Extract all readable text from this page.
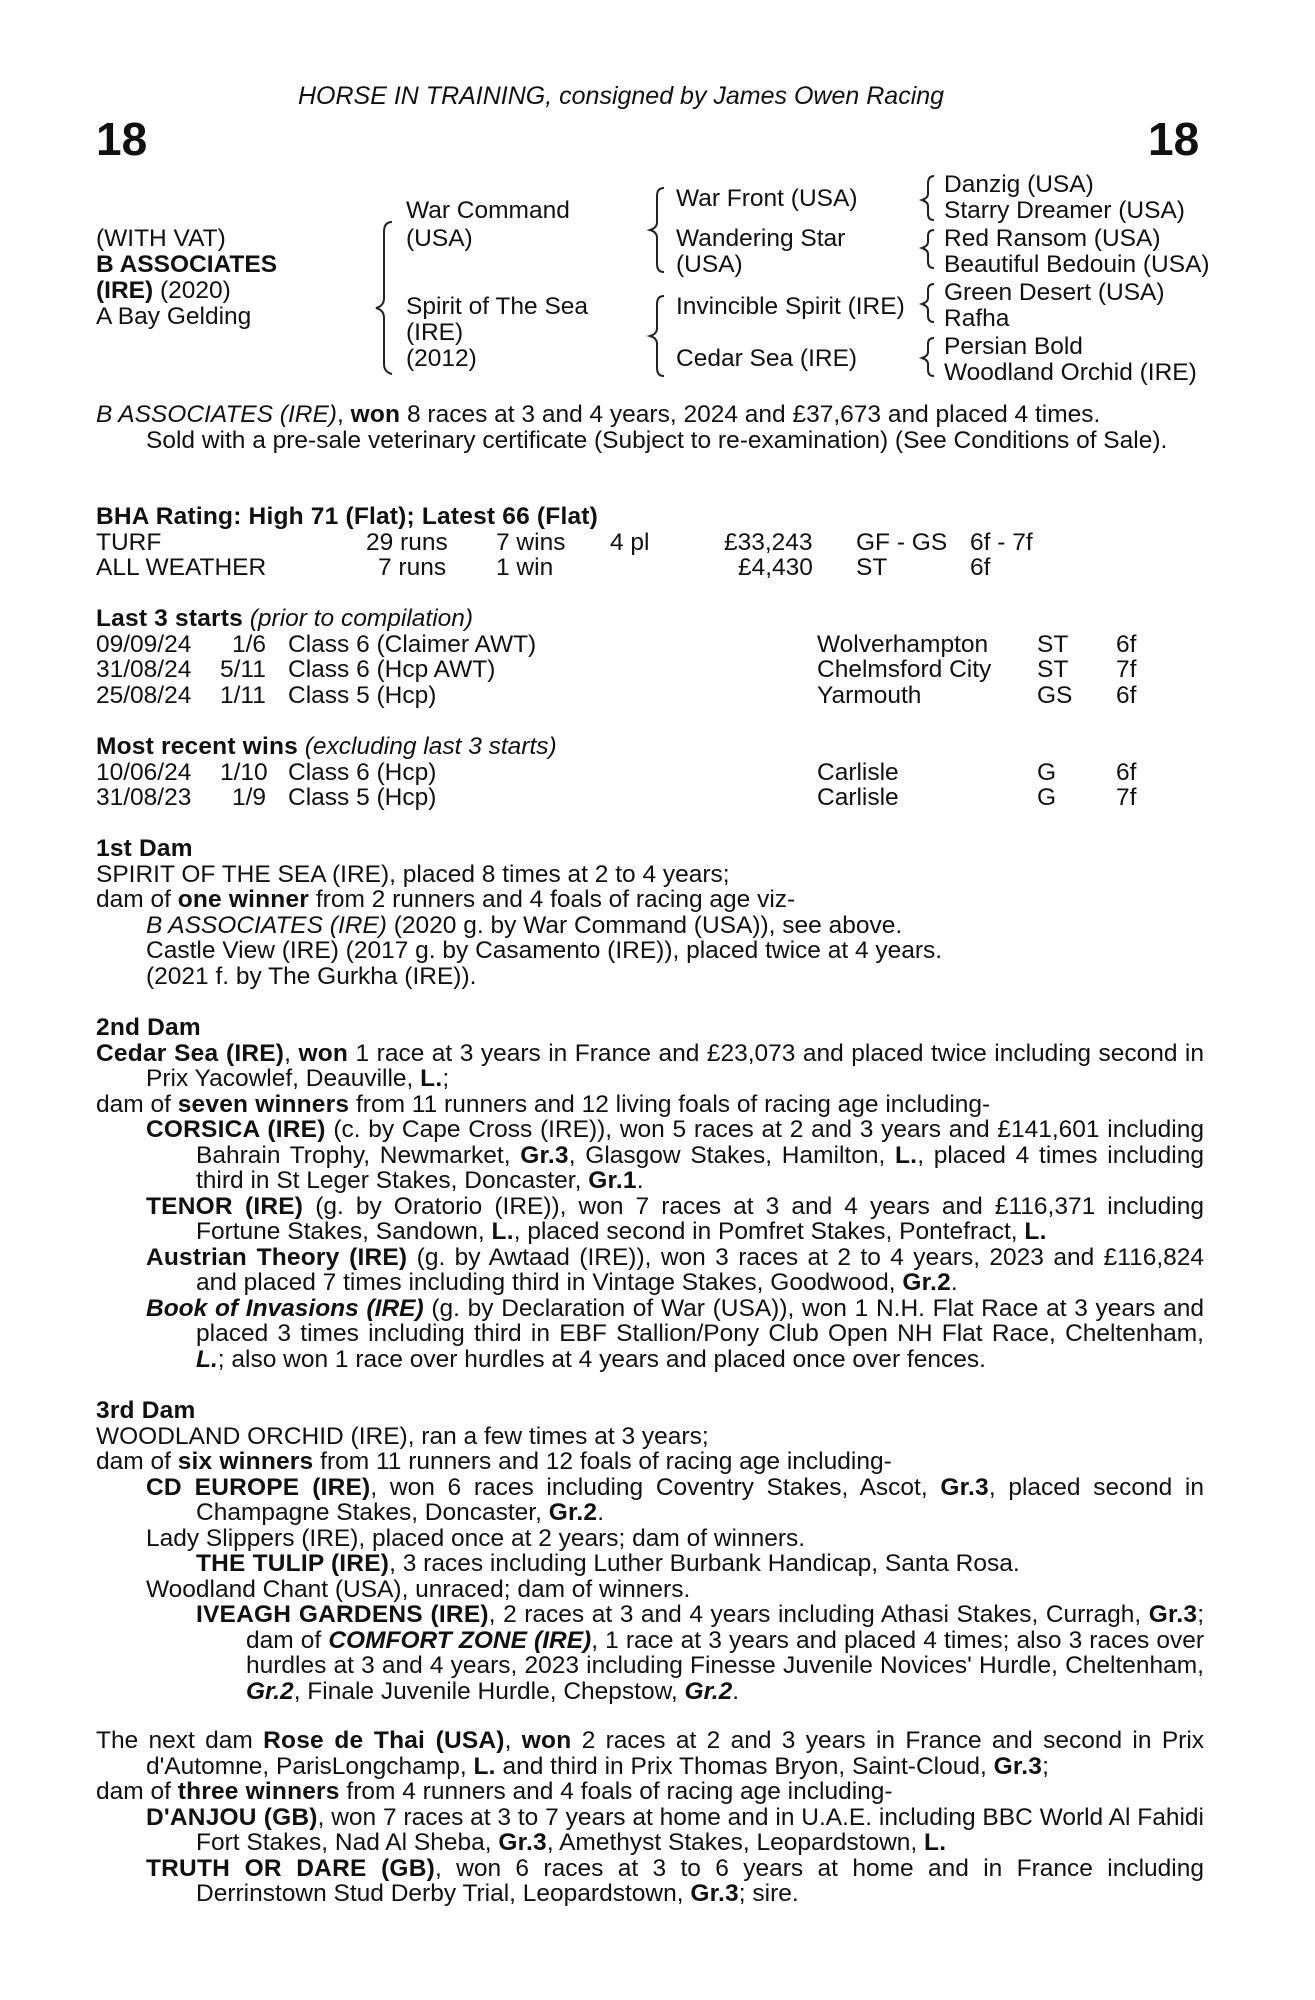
HORSE IN TRAINING, consigned by James Owen Racing
18	18
(WITH VAT)
B ASSOCIATES
(IRE) (2020)
A Bay Gelding
War Command
(USA)
Spirit of The Sea
(IRE)
(2012)
War Front (USA)
Wandering Star
(USA)
Invincible Spirit (IRE)
Cedar Sea (IRE)
Danzig (USA)
Starry Dreamer (USA)
Red Ransom (USA)
Beautiful Bedouin (USA)
Green Desert (USA)
Rafha
Persian Bold
Woodland Orchid (IRE)

B ASSOCIATES (IRE), won 8 races at 3 and 4 years, 2024 and £37,673 and placed 4 times.

Sold with a pre-sale veterinary certificate (Subject to re-examination) (See Conditions of Sale).

BHA Rating: High 71 (Flat); Latest 66 (Flat)
TURF	29 runs 7 wins 4 pl	£33,243 GF - GS 6f - 7f
ALL WEATHER	7 runs 1 win	£4,430 ST	6f
Last 3 starts (prior to compilation)
09/09/24 1/6 Class 6 (Claimer AWT)	Wolverhampton ST 6f
31/08/24 5/11 Class 6 (Hcp AWT)	Chelmsford City ST 7f
25/08/24 1/11 Class 5 (Hcp)	Yarmouth	GS 6f
Most recent wins (excluding last 3 starts)
10/06/24 1/10 Class 6 (Hcp)	Carlisle	G 6f
31/08/23 1/9 Class 5 (Hcp)	Carlisle	G 7f
1st Dam

SPIRIT OF THE SEA (IRE), placed 8 times at 2 to 4 years;

dam of one winner from 2 runners and 4 foals of racing age viz-

B ASSOCIATES (IRE) (2020 g. by War Command (USA)), see above.

Castle View (IRE) (2017 g. by Casamento (IRE)), placed twice at 4 years.

(2021 f. by The Gurkha (IRE)).

2nd Dam

Cedar Sea (IRE), won 1 race at 3 years in France and £23,073 and placed twice including second in Prix Yacowlef, Deauville, L.;

dam of seven winners from 11 runners and 12 living foals of racing age including-

CORSICA (IRE) (c. by Cape Cross (IRE)), won 5 races at 2 and 3 years and £141,601 including Bahrain Trophy, Newmarket, Gr.3, Glasgow Stakes, Hamilton, L., placed 4 times including third in St Leger Stakes, Doncaster, Gr.1.

TENOR (IRE) (g. by Oratorio (IRE)), won 7 races at 3 and 4 years and £116,371 including Fortune Stakes, Sandown, L., placed second in Pomfret Stakes, Pontefract, L.

Austrian Theory (IRE) (g. by Awtaad (IRE)), won 3 races at 2 to 4 years, 2023 and £116,824 and placed 7 times including third in Vintage Stakes, Goodwood, Gr.2.

Book of Invasions (IRE) (g. by Declaration of War (USA)), won 1 N.H. Flat Race at 3 years and placed 3 times including third in EBF Stallion/Pony Club Open NH Flat Race, Cheltenham, L.; also won 1 race over hurdles at 4 years and placed once over fences.

3rd Dam

WOODLAND ORCHID (IRE), ran a few times at 3 years;

dam of six winners from 11 runners and 12 foals of racing age including-

CD EUROPE (IRE), won 6 races including Coventry Stakes, Ascot, Gr.3, placed second in Champagne Stakes, Doncaster, Gr.2.

Lady Slippers (IRE), placed once at 2 years; dam of winners.

THE TULIP (IRE), 3 races including Luther Burbank Handicap, Santa Rosa.

Woodland Chant (USA), unraced; dam of winners.

IVEAGH GARDENS (IRE), 2 races at 3 and 4 years including Athasi Stakes, Curragh, Gr.3; dam of COMFORT ZONE (IRE), 1 race at 3 years and placed 4 times; also 3 races over hurdles at 3 and 4 years, 2023 including Finesse Juvenile Novices' Hurdle, Cheltenham, Gr.2, Finale Juvenile Hurdle, Chepstow, Gr.2.

The next dam Rose de Thai (USA), won 2 races at 2 and 3 years in France and second in Prix d'Automne, ParisLongchamp, L. and third in Prix Thomas Bryon, Saint-Cloud, Gr.3;

dam of three winners from 4 runners and 4 foals of racing age including-

D'ANJOU (GB), won 7 races at 3 to 7 years at home and in U.A.E. including BBC World Al Fahidi Fort Stakes, Nad Al Sheba, Gr.3, Amethyst Stakes, Leopardstown, L.

TRUTH OR DARE (GB), won 6 races at 3 to 6 years at home and in France including Derrinstown Stud Derby Trial, Leopardstown, Gr.3; sire.
